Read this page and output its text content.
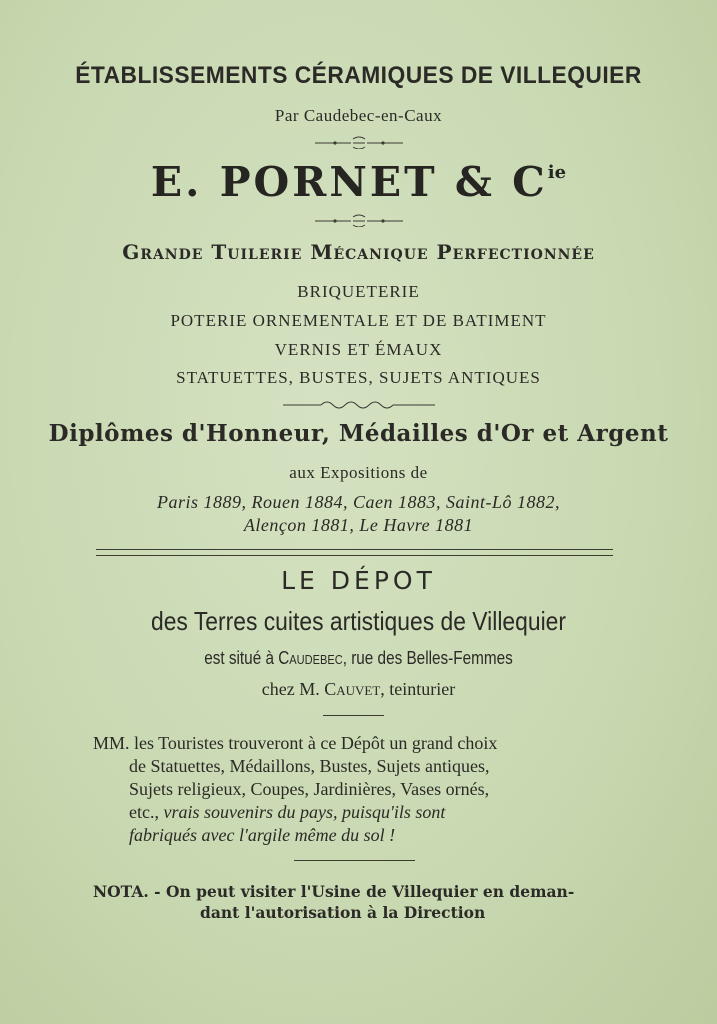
ÉTABLISSEMENTS CÉRAMIQUES DE VILLEQUIER
Par Caudebec-en-Caux
E. PORNET & $C^{ie}$
Grande Tuilerie Mécanique Perfectionnée
BRIQUETERIE
POTERIE ORNEMENTALE ET DE BATIMENT
VERNIS ET ÉMAUX
STATUETTES, BUSTES, SUJETS ANTIQUES
Diplômes d'Honneur, Médailles d'Or et Argent
aux Expositions de
Paris 1889, Rouen 1884, Caen 1883, Saint-Lô 1882,
Alençon 1881, Le Havre 1881
LE DÉPOT
des Terres cuites artistiques de Villequier
est situé à Caudebec, rue des Belles-Femmes
chez M. Cauvet, teinturier
MM. les Touristes trouveront à ce Dépôt un grand choix
de Statuettes, Médaillons, Bustes, Sujets antiques,
Sujets religieux, Coupes, Jardinières, Vases ornés,
etc., vrais souvenirs du pays, puisqu'ils sont
fabriqués avec l'argile même du sol !
NOTA. - On peut visiter l'Usine de Villequier en deman-
dant l'autorisation à la Direction
